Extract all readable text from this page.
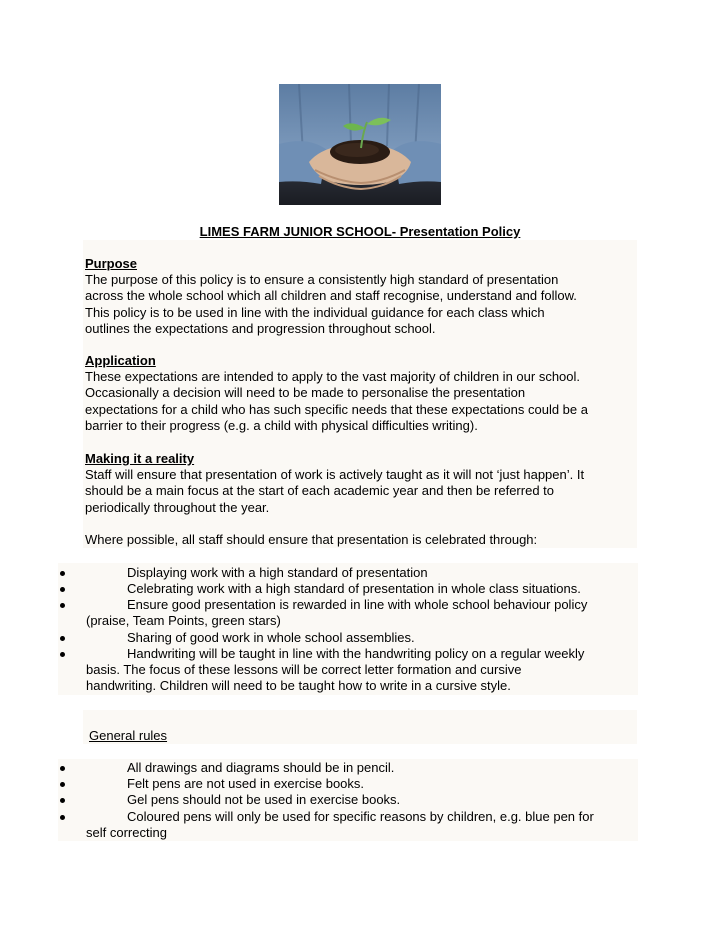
LIMES FARM JUNIOR SCHOOL- Presentation Policy
Purpose
The purpose of this policy is to ensure a consistently high standard of presentation
across the whole school which all children and staff recognise, understand and follow.
This policy is to be used in line with the individual guidance for each class which
outlines the expectations and progression throughout school.
Application
These expectations are intended to apply to the vast majority of children in our school.
Occasionally a decision will need to be made to personalise the presentation
expectations for a child who has such specific needs that these expectations could be a
barrier to their progress (e.g. a child with physical difficulties writing).
Making it a reality
Staff will ensure that presentation of work is actively taught as it will not ‘just happen’. It
should be a main focus at the start of each academic year and then be referred to
periodically throughout the year.
Where possible, all staff should ensure that presentation is celebrated through:
Displaying work with a high standard of presentation
Celebrating work with a high standard of presentation in whole class situations.
Ensure good presentation is rewarded in line with whole school behaviour policy
(praise, Team Points, green stars)
Sharing of good work in whole school assemblies.
Handwriting will be taught in line with the handwriting policy on a regular weekly
basis. The focus of these lessons will be correct letter formation and cursive
handwriting. Children will need to be taught how to write in a cursive style.
General rules
All drawings and diagrams should be in pencil.
Felt pens are not used in exercise books.
Gel pens should not be used in exercise books.
Coloured pens will only be used for specific reasons by children, e.g. blue pen for
self correcting
